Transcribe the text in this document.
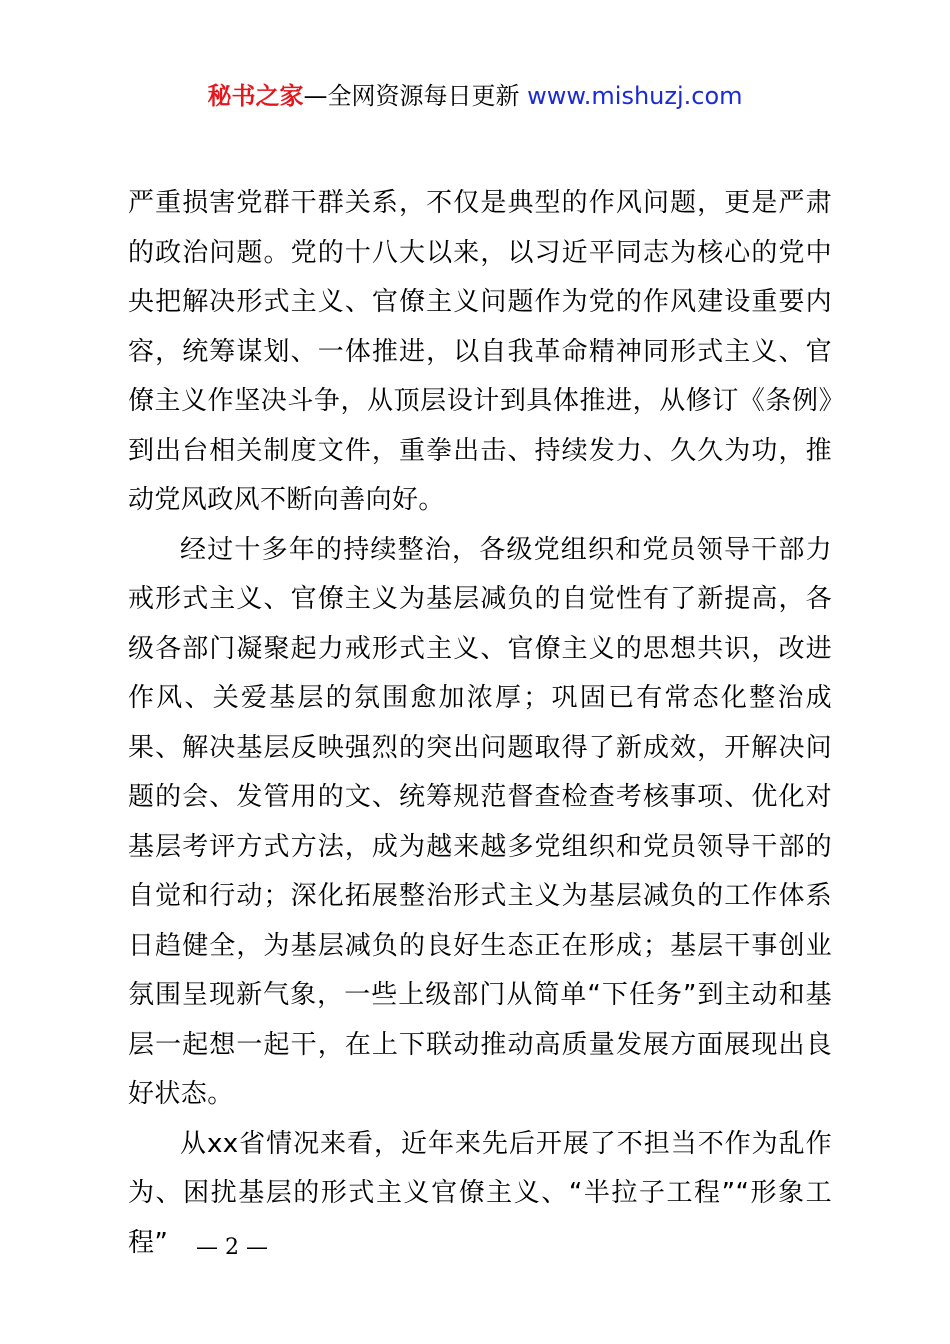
秘书之家—全网资源每日更新 www.mishuzj.com

严重损害党群干群关系，不仅是典型的作风问题，更是严肃的政治问题。党的十八大以来，以习近平同志为核心的党中央把解决形式主义、官僚主义问题作为党的作风建设重要内容，统筹谋划、一体推进，以自我革命精神同形式主义、官僚主义作坚决斗争，从顶层设计到具体推进，从修订《条例》到出台相关制度文件，重拳出击、持续发力、久久为功，推动党风政风不断向善向好。

经过十多年的持续整治，各级党组织和党员领导干部力戒形式主义、官僚主义为基层减负的自觉性有了新提高，各级各部门凝聚起力戒形式主义、官僚主义的思想共识，改进作风、关爱基层的氛围愈加浓厚；巩固已有常态化整治成果、解决基层反映强烈的突出问题取得了新成效，开解决问题的会、发管用的文、统筹规范督查检查考核事项、优化对基层考评方式方法，成为越来越多党组织和党员领导干部的自觉和行动；深化拓展整治形式主义为基层减负的工作体系日趋健全，为基层减负的良好生态正在形成；基层干事创业氛围呈现新气象，一些上级部门从简单“下任务”到主动和基层一起想一起干，在上下联动推动高质量发展方面展现出良好状态。

从xx省情况来看，近年来先后开展了不担当不作为乱作为、困扰基层的形式主义官僚主义、“半拉子工程”“形象工程”	— 2 —
